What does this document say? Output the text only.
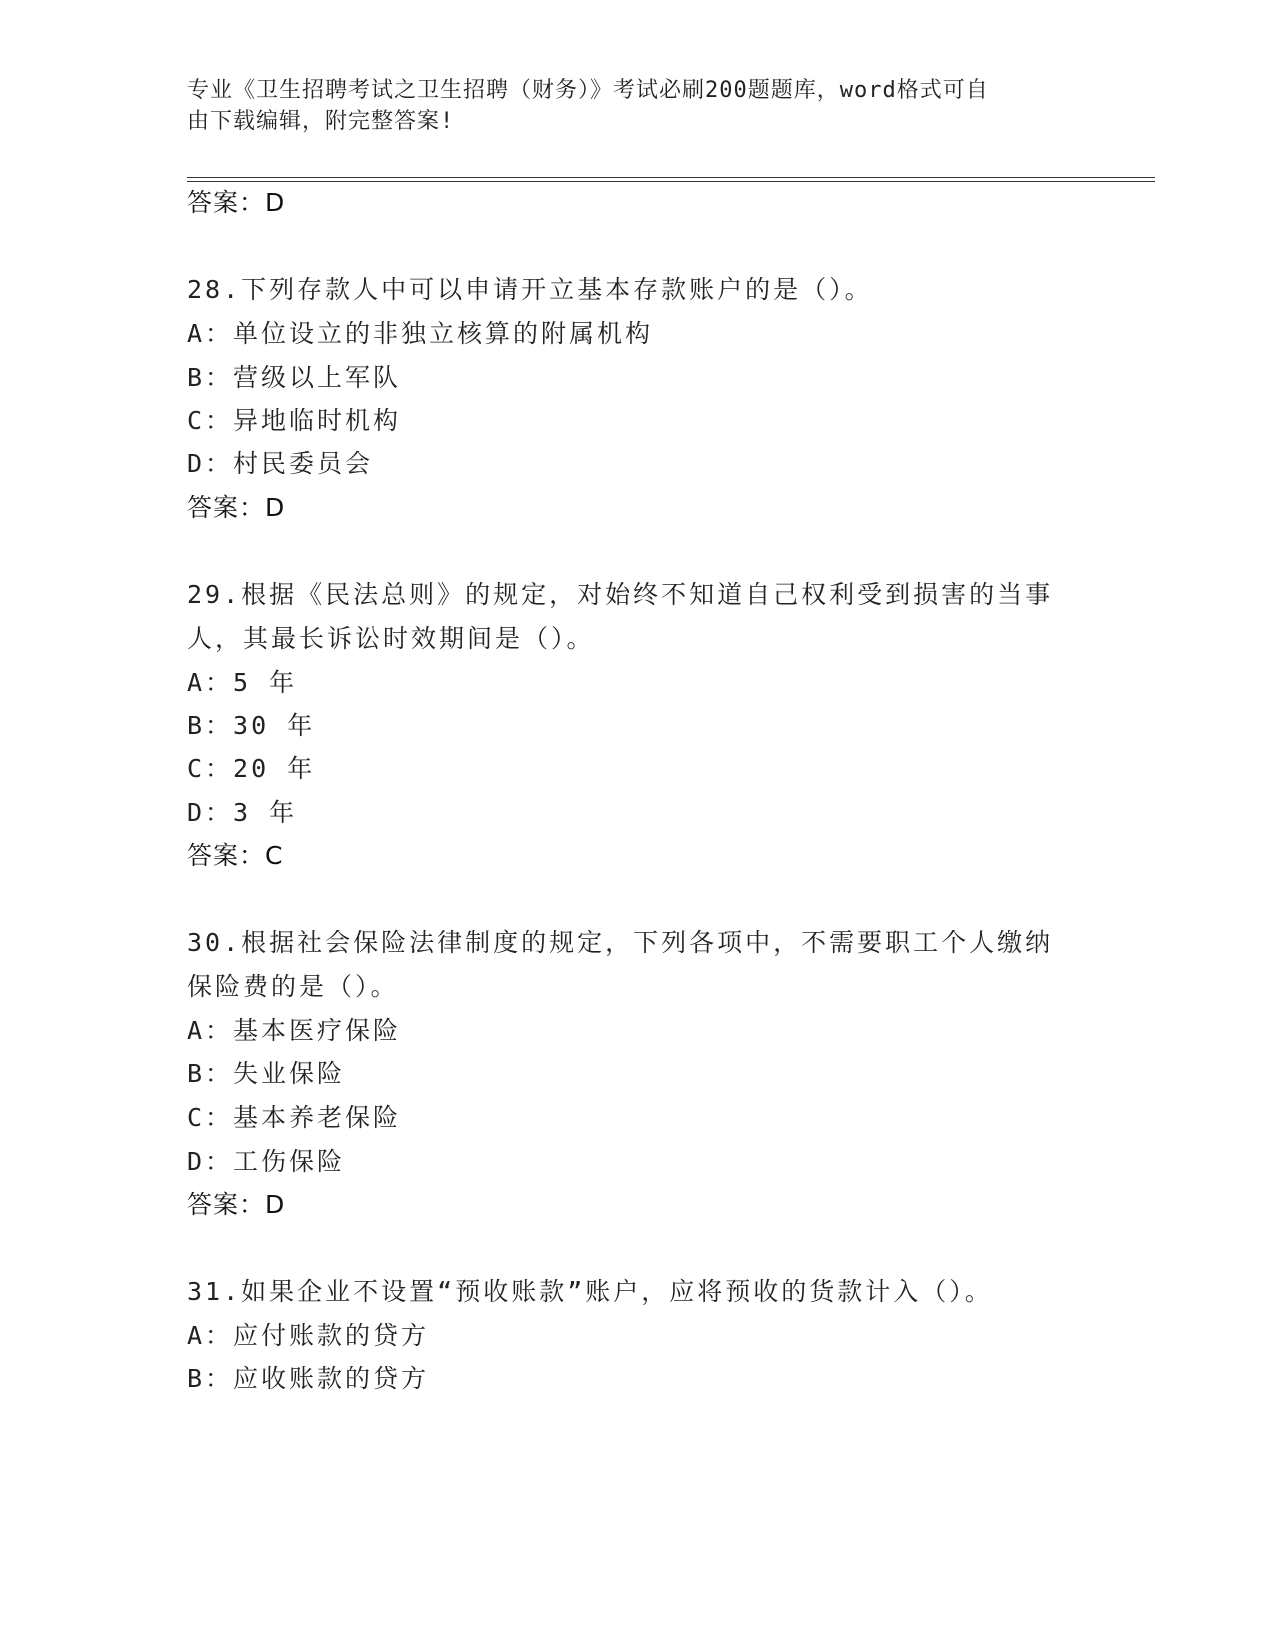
专业《卫生招聘考试之卫生招聘（财务）》考试必刷200题题库，word格式可自
由下载编辑，附完整答案!
答案：D
28.下列存款人中可以申请开立基本存款账户的是（）。
A：单位设立的非独立核算的附属机构
B：营级以上军队
C：异地临时机构
D：村民委员会
答案：D
29.根据《民法总则》的规定，对始终不知道自己权利受到损害的当事
人，其最长诉讼时效期间是（）。
A：5 年
B：30 年
C：20 年
D：3 年
答案：C
30.根据社会保险法律制度的规定，下列各项中，不需要职工个人缴纳
保险费的是（）。
A：基本医疗保险
B：失业保险
C：基本养老保险
D：工伤保险
答案：D
31.如果企业不设置“预收账款”账户，应将预收的货款计入（）。
A：应付账款的贷方
B：应收账款的贷方
